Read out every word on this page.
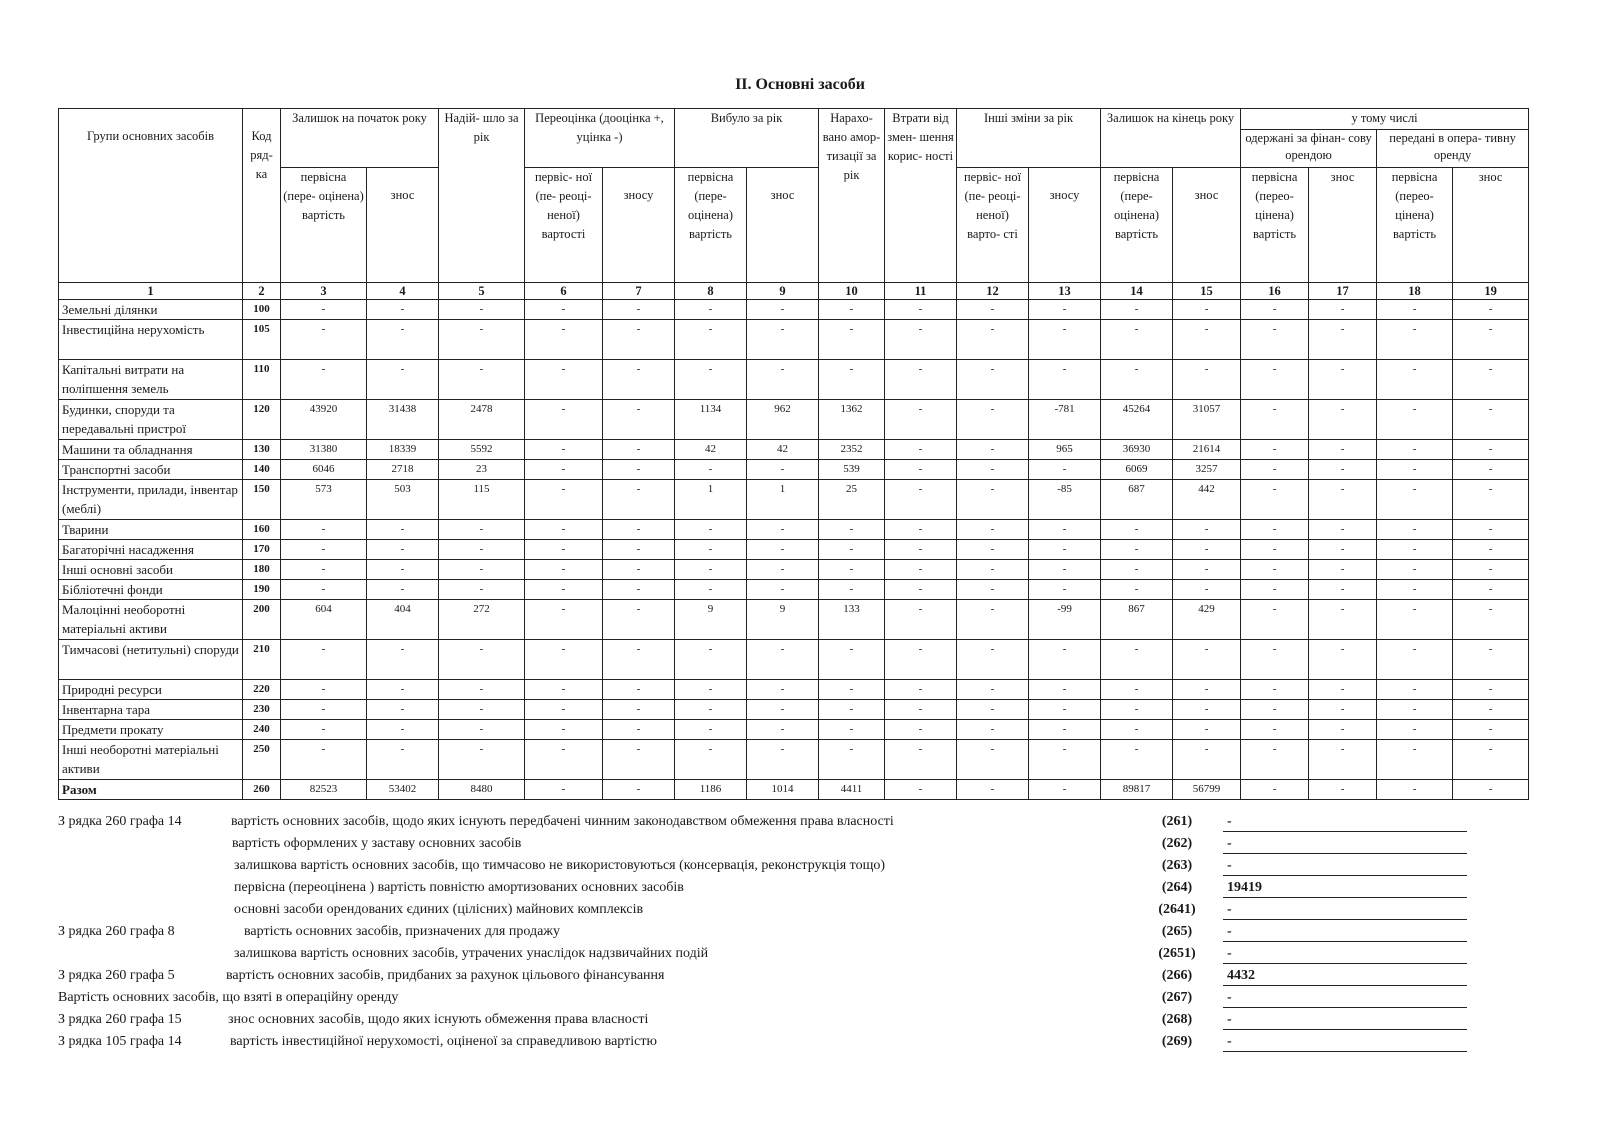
II. Основні засоби
Групи основних засобів	Код ряд- ка	Залишок на початок року		Надій- шло за рік	Переоцінка (дооцінка +, уцінка -)		Вибуло за рік		Нарахо- вано амор- тизації за рік	Втрати від змен- шення корис- ності	Інші зміни за рік		Залишок на кінець року		у тому числі			
															одержані за фінан- сову орендою		передані в опера- тивну оренду	
		первісна (пере- оцінена) вартість	знос		первіс- ної (пе- реоці- неної) вартості	зносу	первісна (пере- оцінена) вартість	знос			первіс- ної (пе- реоці- неної) варто- сті	зносу	первісна (пере- оцінена) вартість	знос	первісна (перео- цінена) вартість	знос	первісна (перео- цінена) вартість	знос
1	2	3	4	5	6	7	8	9	10	11	12	13	14	15	16	17	18	19
Земельні ділянки	100	-	-	-	-	-	-	-	-	-	-	-	-	-	-	-	-	-
Інвестиційна нерухомість	105	-	-	-	-	-	-	-	-	-	-	-	-	-	-	-	-	-
Капітальні витрати на поліпшення земель	110	-	-	-	-	-	-	-	-	-	-	-	-	-	-	-	-	-
Будинки, споруди та передавальні пристрої	120	43920	31438	2478	-	-	1134	962	1362	-	-	-781	45264	31057	-	-	-	-
Машини та обладнання	130	31380	18339	5592	-	-	42	42	2352	-	-	965	36930	21614	-	-	-	-
Транспортні засоби	140	6046	2718	23	-	-	-	-	539	-	-	-	6069	3257	-	-	-	-
Інструменти, прилади, інвентар (меблі)	150	573	503	115	-	-	1	1	25	-	-	-85	687	442	-	-	-	-
Тварини	160	-	-	-	-	-	-	-	-	-	-	-	-	-	-	-	-	-
Багаторічні насадження	170	-	-	-	-	-	-	-	-	-	-	-	-	-	-	-	-	-
Інші основні засоби	180	-	-	-	-	-	-	-	-	-	-	-	-	-	-	-	-	-
Бібліотечні фонди	190	-	-	-	-	-	-	-	-	-	-	-	-	-	-	-	-	-
Малоцінні необоротні матеріальні активи	200	604	404	272	-	-	9	9	133	-	-	-99	867	429	-	-	-	-
Тимчасові (нетитульні) споруди	210	-	-	-	-	-	-	-	-	-	-	-	-	-	-	-	-	-
Природні ресурси	220	-	-	-	-	-	-	-	-	-	-	-	-	-	-	-	-	-
Інвентарна тара	230	-	-	-	-	-	-	-	-	-	-	-	-	-	-	-	-	-
Предмети прокату	240	-	-	-	-	-	-	-	-	-	-	-	-	-	-	-	-	-
Інші необоротні матеріальні активи	250	-	-	-	-	-	-	-	-	-	-	-	-	-	-	-	-	-
Разом	260	82523	53402	8480	-	-	1186	1014	4411	-	-	-	89817	56799	-	-	-	-
З рядка 260 графа 14	вартість основних засобів, щодо яких існують передбачені чинним законодавством обмеження права власності	(261)	-
вартість оформлених у заставу основних засобів	(262)	-
залишкова вартість основних засобів, що тимчасово не використовуються (консервація, реконструкція тощо)	(263)	-
первісна (переоцінена ) вартість повністю амортизованих основних засобів	(264)	19419
основні засоби орендованих єдиних (цілісних) майнових комплексів	(2641)	-
З рядка 260 графа 8	вартість основних засобів, призначених для продажу	(265)	-
залишкова вартість основних засобів, утрачених унаслідок надзвичайних подій	(2651)	-
З рядка 260 графа 5	вартість основних засобів, придбаних за рахунок цільового фінансування	(266)	4432
Вартість основних засобів, що взяті в операційну оренду	(267)	-
З рядка 260 графа 15	знос основних засобів, щодо яких існують обмеження права власності	(268)	-
З рядка 105 графа 14	вартість інвестиційної нерухомості, оціненої за справедливою вартістю	(269)	-
